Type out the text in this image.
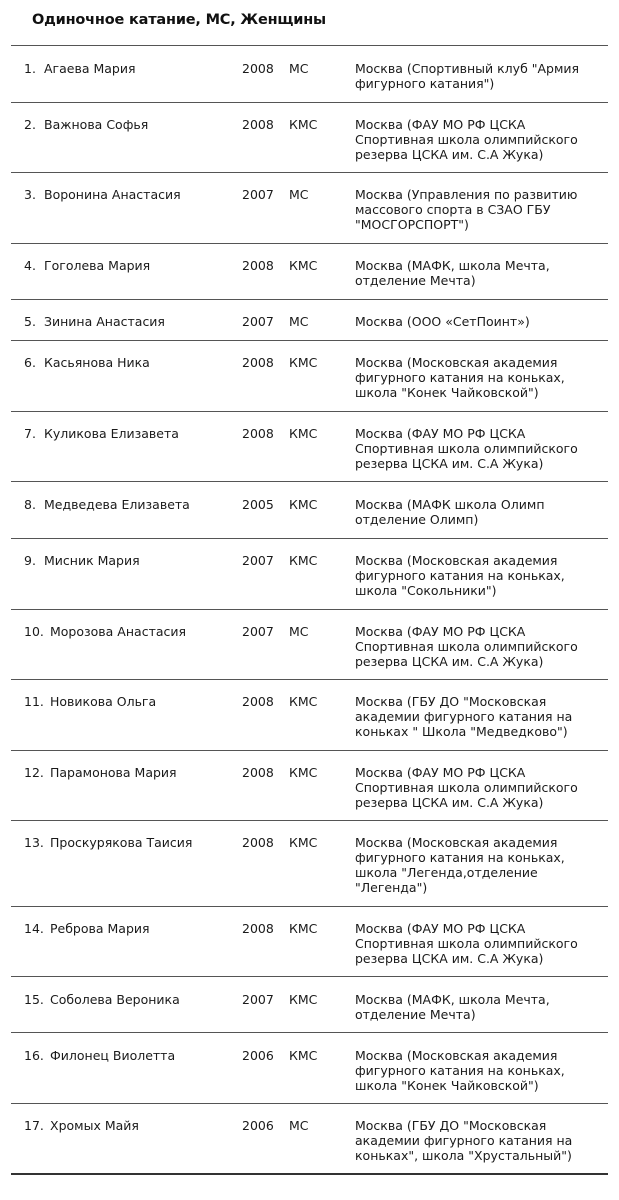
Одиночное катание, МС, Женщины
1. Агаева Мария	2008 МС	Москва (Спортивный клуб "Армия
фигурного катания")
2. Важнова Софья	2008 КМС	Москва (ФАУ МО РФ ЦСКА
Спортивная школа олимпийского
резерва ЦСКА им. С.А Жука)
3. Воронина Анастасия	2007 МС	Москва (Управления по развитию
массового спорта в СЗАО ГБУ
"МОСГОРСПОРТ")
4. Гоголева Мария	2008 КМС	Москва (МАФК, школа Мечта,
отделение Мечта)
5. Зинина Анастасия	2007 МС	Москва (ООО «СетПоинт»)
6. Касьянова Ника	2008 КМС	Москва (Московская академия
фигурного катания на коньках,
школа "Конек Чайковской")
7. Куликова Елизавета	2008 КМС	Москва (ФАУ МО РФ ЦСКА
Спортивная школа олимпийского
резерва ЦСКА им. С.А Жука)
8. Медведева Елизавета	2005 КМС	Москва (МАФК школа Олимп
отделение Олимп)
9. Мисник Мария	2007 КМС	Москва (Московская академия
фигурного катания на коньках,
школа "Сокольники")
10. Морозова Анастасия	2007 МС	Москва (ФАУ МО РФ ЦСКА
Спортивная школа олимпийского
резерва ЦСКА им. С.А Жука)
11. Новикова Ольга	2008 КМС	Москва (ГБУ ДО "Московская
академии фигурного катания на
коньках " Школа "Медведково")
12. Парамонова Мария	2008 КМС	Москва (ФАУ МО РФ ЦСКА
Спортивная школа олимпийского
резерва ЦСКА им. С.А Жука)
13. Проскурякова Таисия	2008 КМС	Москва (Московская академия
фигурного катания на коньках,
школа "Легенда,отделение
"Легенда")
14. Реброва Мария	2008 КМС	Москва (ФАУ МО РФ ЦСКА
Спортивная школа олимпийского
резерва ЦСКА им. С.А Жука)
15. Соболева Вероника	2007 КМС	Москва (МАФК, школа Мечта,
отделение Мечта)
16. Филонец Виолетта	2006 КМС	Москва (Московская академия
фигурного катания на коньках,
школа "Конек Чайковской")
17. Хромых Майя	2006 МС	Москва (ГБУ ДО "Московская
академии фигурного катания на
коньках", школа "Хрустальный")
